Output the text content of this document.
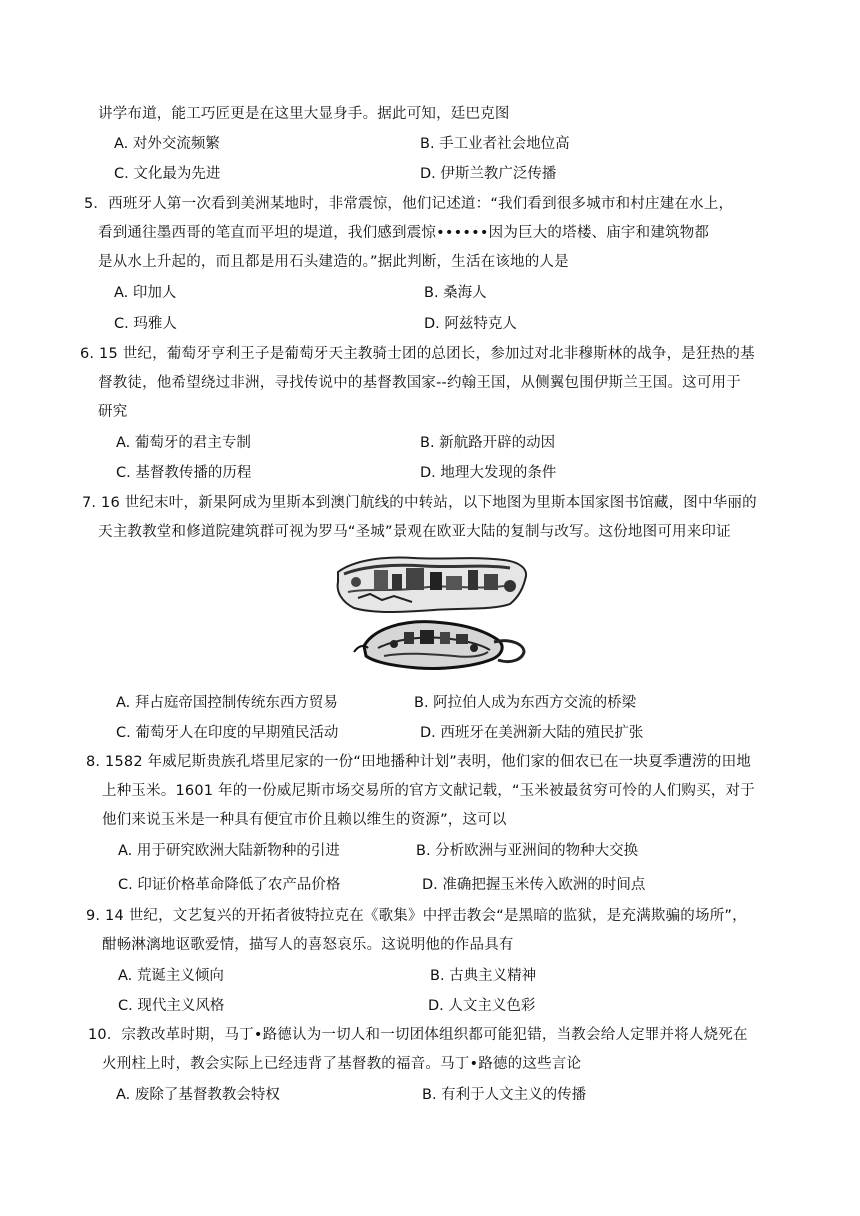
讲学布道，能工巧匠更是在这里大显身手。据此可知，廷巴克图
A. 对外交流频繁	B. 手工业者社会地位高
C. 文化最为先进	D. 伊斯兰教广泛传播
5．西班牙人第一次看到美洲某地时，非常震惊，他们记述道：“我们看到很多城市和村庄建在水上，
看到通往墨西哥的笔直而平坦的堤道，我们感到震惊••••••因为巨大的塔楼、庙宇和建筑物都
是从水上升起的，而且都是用石头建造的。”据此判断，生活在该地的人是
A. 印加人	B. 桑海人
C. 玛雅人	D. 阿兹特克人
6. 15 世纪，葡萄牙亨利王子是葡萄牙天主教骑士团的总团长，参加过对北非穆斯林的战争，是狂热的基
督教徒，他希望绕过非洲，寻找传说中的基督教国家--约翰王国，从侧翼包围伊斯兰王国。这可用于
研究
A. 葡萄牙的君主专制	B. 新航路开辟的动因
C. 基督教传播的历程	D. 地理大发现的条件
7. 16 世纪末叶，新果阿成为里斯本到澳门航线的中转站，以下地图为里斯本国家图书馆藏，图中华丽的
天主教教堂和修道院建筑群可视为罗马“圣城”景观在欧亚大陆的复制与改写。这份地图可用来印证
A. 拜占庭帝国控制传统东西方贸易	B. 阿拉伯人成为东西方交流的桥梁
C. 葡萄牙人在印度的早期殖民活动	D. 西班牙在美洲新大陆的殖民扩张
8. 1582 年威尼斯贵族孔塔里尼家的一份“田地播种计划”表明，他们家的佃农已在一块夏季遭涝的田地
上种玉米。1601 年的一份威尼斯市场交易所的官方文献记载，“玉米被最贫穷可怜的人们购买，对于
他们来说玉米是一种具有便宜市价且赖以维生的资源”，这可以
A. 用于研究欧洲大陆新物种的引进	B. 分析欧洲与亚洲间的物种大交换
C. 印证价格革命降低了农产品价格	D. 准确把握玉米传入欧洲的时间点
9. 14 世纪，文艺复兴的开拓者彼特拉克在《歌集》中抨击教会“是黑暗的监狱，是充满欺骗的场所”，
酣畅淋漓地讴歌爱情，描写人的喜怒哀乐。这说明他的作品具有
A. 荒诞主义倾向	B. 古典主义精神
C. 现代主义风格	D. 人文主义色彩
10．宗教改革时期，马丁•路德认为一切人和一切团体组织都可能犯错，当教会给人定罪并将人烧死在
火刑柱上时，教会实际上已经违背了基督教的福音。马丁•路德的这些言论
A. 废除了基督教教会特权	B. 有利于人文主义的传播
